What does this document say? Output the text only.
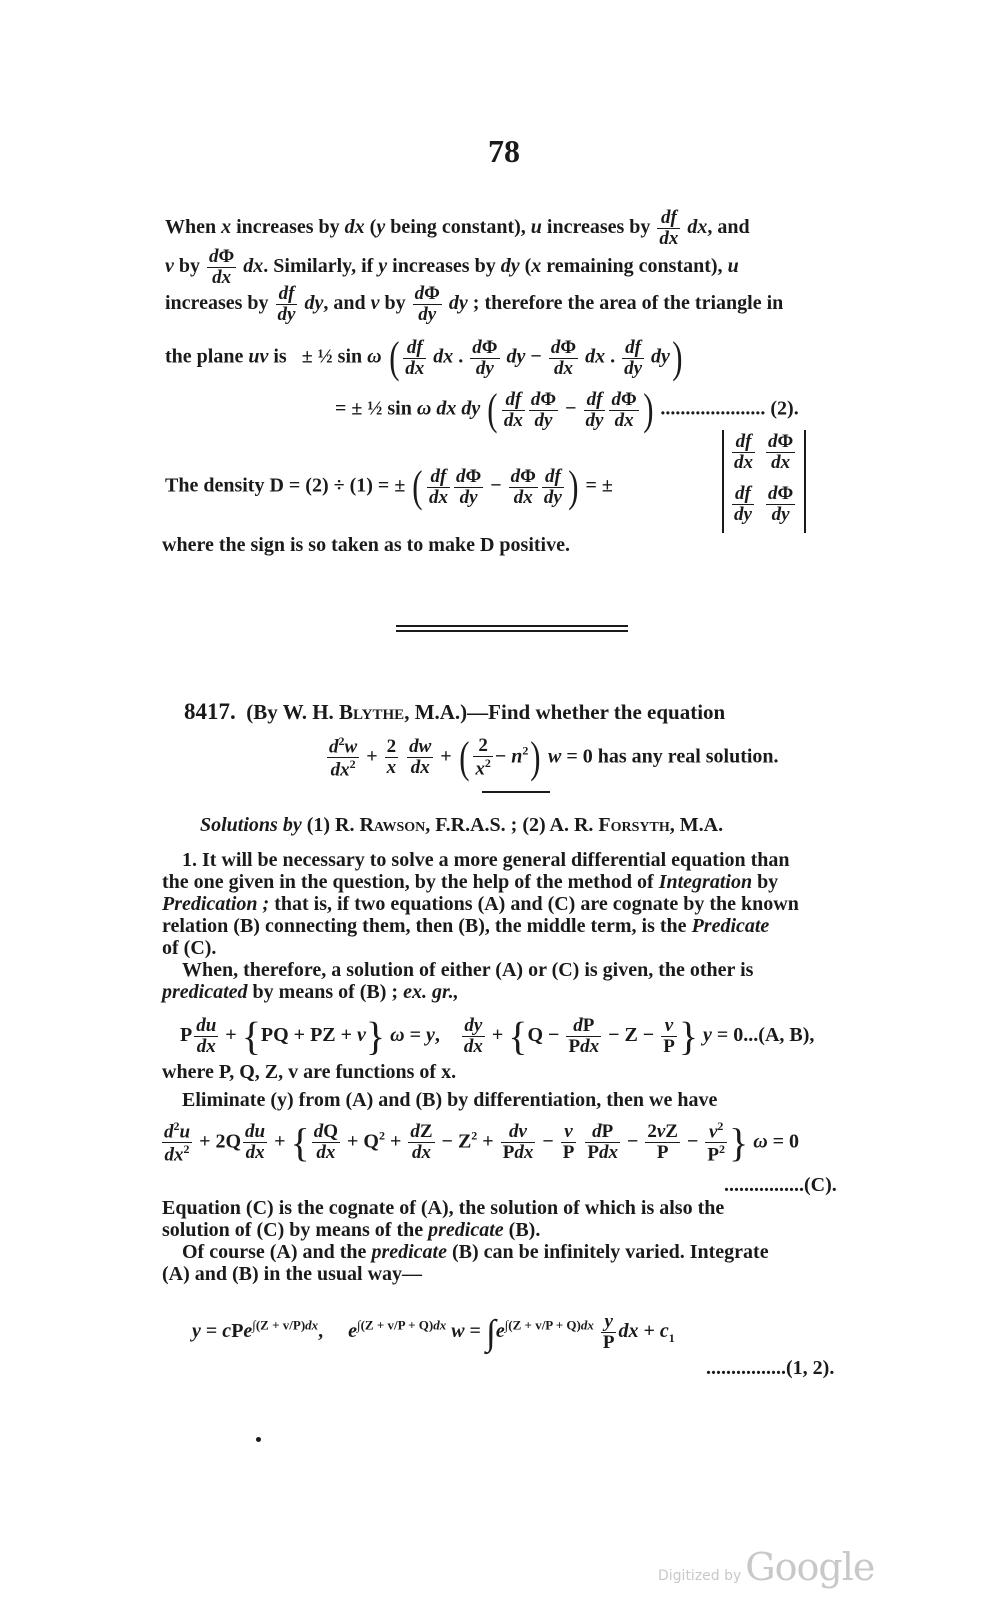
78
When x increases by dx (y being constant), u increases by $\frac{df}{dx}$ dx, and
v by $\frac{d\Phi}{dx}$ dx. Similarly, if y increases by dy (x remaining constant), u
increases by $\frac{df}{dy}$ dy, and v by $\frac{d\Phi}{dy}$ dy ; therefore the area of the triangle in
the plane uv is   ± ½ sin ω ( $\frac{df}{dx}$ dx . $\frac{d\Phi}{dy}$ dy − $\frac{d\Phi}{dx}$ dx . $\frac{df}{dy} dy$)
= ± ½ sin ω dx dy ( $\frac{df}{dx} \frac{d\Phi}{dy} - \frac{df}{dy} \frac{d\Phi}{dx}$ ) ..................... (2).
The density D = (2) ÷ (1) = ± ( $\frac{df}{dx} \frac{d\Phi}{dy} - \frac{d\Phi}{dx} \frac{df}{dy}$ ) = ±
$\frac{df}{dx} \frac{d\Phi}{dx}$
$\frac{df}{dy} \frac{d\Phi}{dy}$
where the sign is so taken as to make D positive.
8417. (By W. H. Blythe, M.A.)—Find whether the equation
$\frac{d^2w}{dx^2} + \frac{2}{x}$
$\frac{dw}{dx}$ + ( $\frac{2}{x^2} - n^2$) w = 0 has any real solution.
Solutions by (1) R. Rawson, F.R.A.S. ; (2) A. R. Forsyth, M.A.
1. It will be necessary to solve a more general differential equation than
the one given in the question, by the help of the method of Integration by
Predication ; that is, if two equations (A) and (C) are cognate by the known
relation (B) connecting them, then (B), the middle term, is the Predicate
of (C).
When, therefore, a solution of either (A) or (C) is given, the other is
predicated by means of (B) ; ex. gr.,
P $\frac{du}{dx} + \{PQ$ + PZ + v} ω = y, $\frac{dy}{dx} + \{Q - \frac{dP}{\text{Pdx}} - Z - \frac{v}{P}$ } y = 0...(A, B),
where P, Q, Z, v are functions of x.
Eliminate (y) from (A) and (B) by differentiation, then we have
$\frac{d^2u}{dx^2} + 2Q \frac{du}{dx}$ + { $\frac{dQ}{dx} + Q^2 + \frac{dZ}{dx} - Z^2 + \frac{dv}{\text{Pdx}} - \frac{v}{P}$
$\frac{dP}{\text{Pdx}} - \frac{2vZ}{P} - \frac{v^2}{P^2}$ } ω = 0
................(C).
Equation (C) is the cognate of (A), the solution of which is also the
solution of (C) by means of the predicate (B).
Of course (A) and the predicate (B) can be infinitely varied. Integrate
(A) and (B) in the usual way—
y = cPe$^{\int(Z + v/P)dx}$,     $e^{\int(Z + v/P + Q)dx}$ $w = \int e^{\int(Z + v/P + Q)dx} \frac{y}{P}$ dx + $c_1$
................(1, 2).
Digitized by Google
